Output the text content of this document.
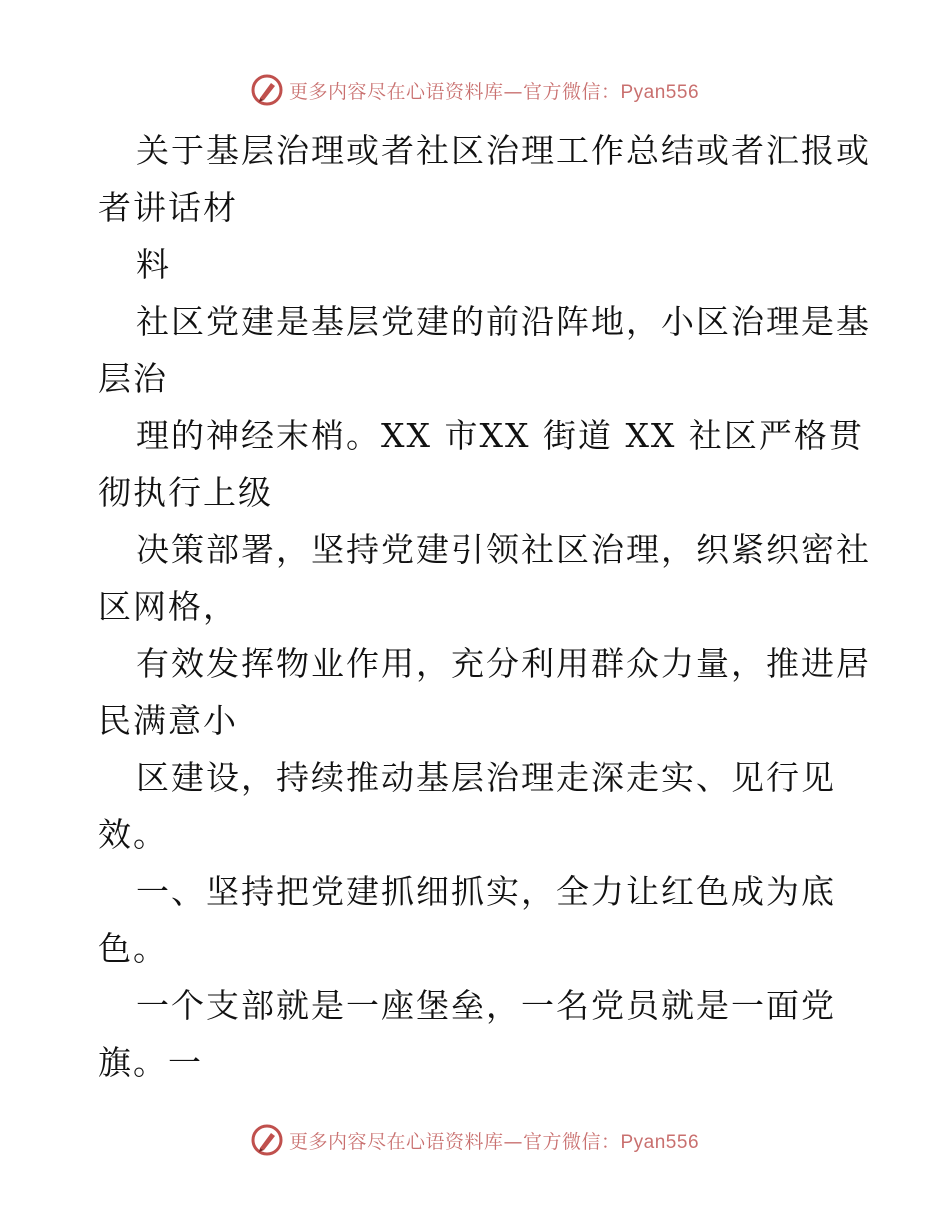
更多内容尽在心语资料库—官方微信：Pyan556
关于基层治理或者社区治理工作总结或者汇报或
者讲话材
料
社区党建是基层党建的前沿阵地，小区治理是基
层治
理的神经末梢。XX 市XX 街道 XX 社区严格贯
彻执行上级
决策部署，坚持党建引领社区治理，织紧织密社
区网格，
有效发挥物业作用，充分利用群众力量，推进居
民满意小
区建设，持续推动基层治理走深走实、见行见
效。
一、坚持把党建抓细抓实，全力让红色成为底
色。
一个支部就是一座堡垒，一名党员就是一面党
旗。一
更多内容尽在心语资料库—官方微信：Pyan556
